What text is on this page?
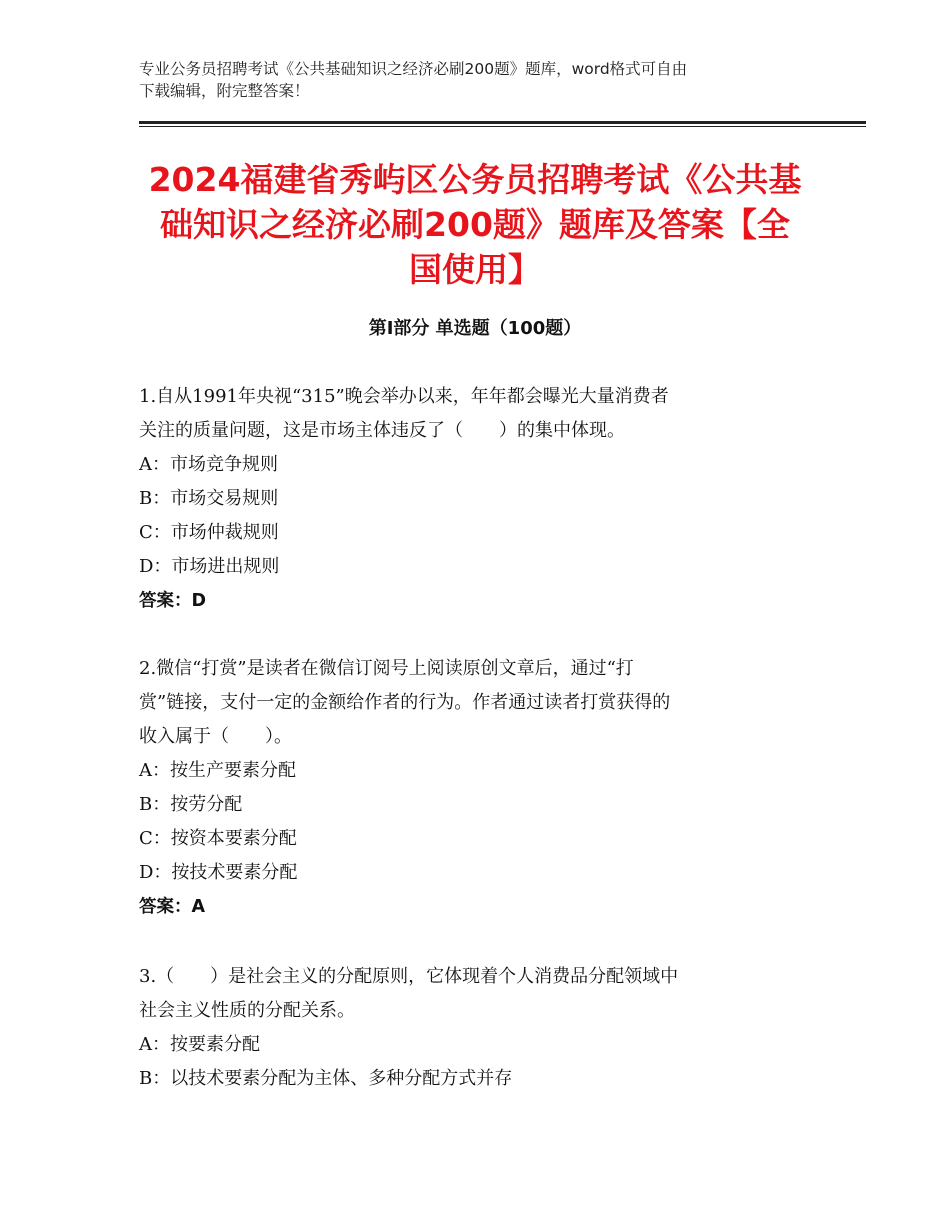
专业公务员招聘考试《公共基础知识之经济必刷200题》题库，word格式可自由
下载编辑，附完整答案！
2024福建省秀屿区公务员招聘考试《公共基
础知识之经济必刷200题》题库及答案【全
国使用】
第Ⅰ部分 单选题（100题）
1.自从1991年央视“315”晚会举办以来，年年都会曝光大量消费者
关注的质量问题，这是市场主体违反了（　　）的集中体现。
A：市场竞争规则
B：市场交易规则
C：市场仲裁规则
D：市场进出规则
答案：D
2.微信“打赏”是读者在微信订阅号上阅读原创文章后，通过“打
赏”链接，支付一定的金额给作者的行为。作者通过读者打赏获得的
收入属于（　　）。
A：按生产要素分配
B：按劳分配
C：按资本要素分配
D：按技术要素分配
答案：A
3.（　　）是社会主义的分配原则，它体现着个人消费品分配领域中
社会主义性质的分配关系。
A：按要素分配
B：以技术要素分配为主体、多种分配方式并存
